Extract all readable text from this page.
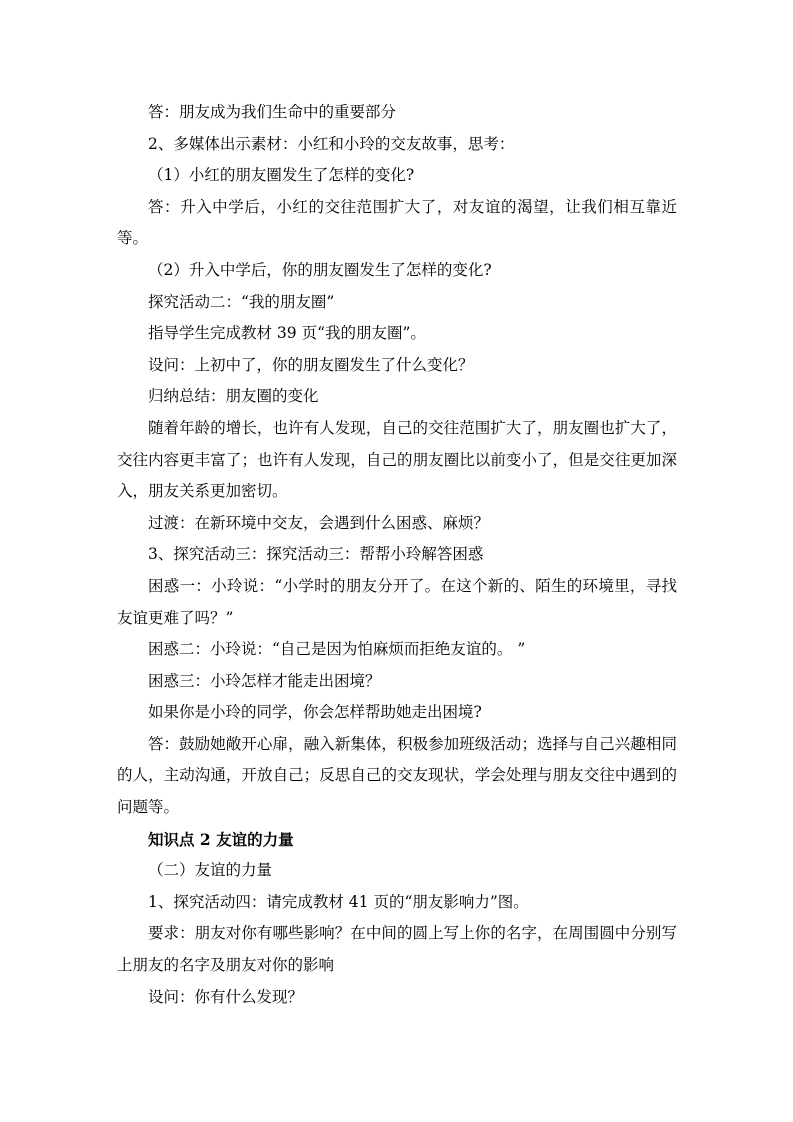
答：朋友成为我们生命中的重要部分

2、多媒体出示素材：小红和小玲的交友故事，思考：

（1）小红的朋友圈发生了怎样的变化?

答：升入中学后，小红的交往范围扩大了，对友谊的渴望，让我们相互靠近等。

（2）升入中学后，你的朋友圈发生了怎样的变化?

探究活动二：“我的朋友圈”

指导学生完成教材 39 页“我的朋友圈”。

设问：上初中了，你的朋友圈发生了什么变化？

归纳总结：朋友圈的变化

随着年龄的增长，也许有人发现，自己的交往范围扩大了，朋友圈也扩大了，交往内容更丰富了；也许有人发现，自己的朋友圈比以前变小了，但是交往更加深入，朋友关系更加密切。

过渡：在新环境中交友，会遇到什么困惑、麻烦？

3、探究活动三：探究活动三：帮帮小玲解答困惑

困惑一：小玲说：“小学时的朋友分开了。在这个新的、陌生的环境里，寻找友谊更难了吗？”

困惑二：小玲说：“自己是因为怕麻烦而拒绝友谊的。 ”

困惑三：小玲怎样才能走出困境？

如果你是小玲的同学，你会怎样帮助她走出困境?

答：鼓励她敞开心扉，融入新集体，积极参加班级活动；选择与自己兴趣相同的人，主动沟通，开放自己；反思自己的交友现状，学会处理与朋友交往中遇到的问题等。

知识点 2 友谊的力量

（二）友谊的力量

1、探究活动四：请完成教材 41 页的“朋友影响力”图。

要求：朋友对你有哪些影响？在中间的圆上写上你的名字，在周围圆中分别写上朋友的名字及朋友对你的影响

设问：你有什么发现？
